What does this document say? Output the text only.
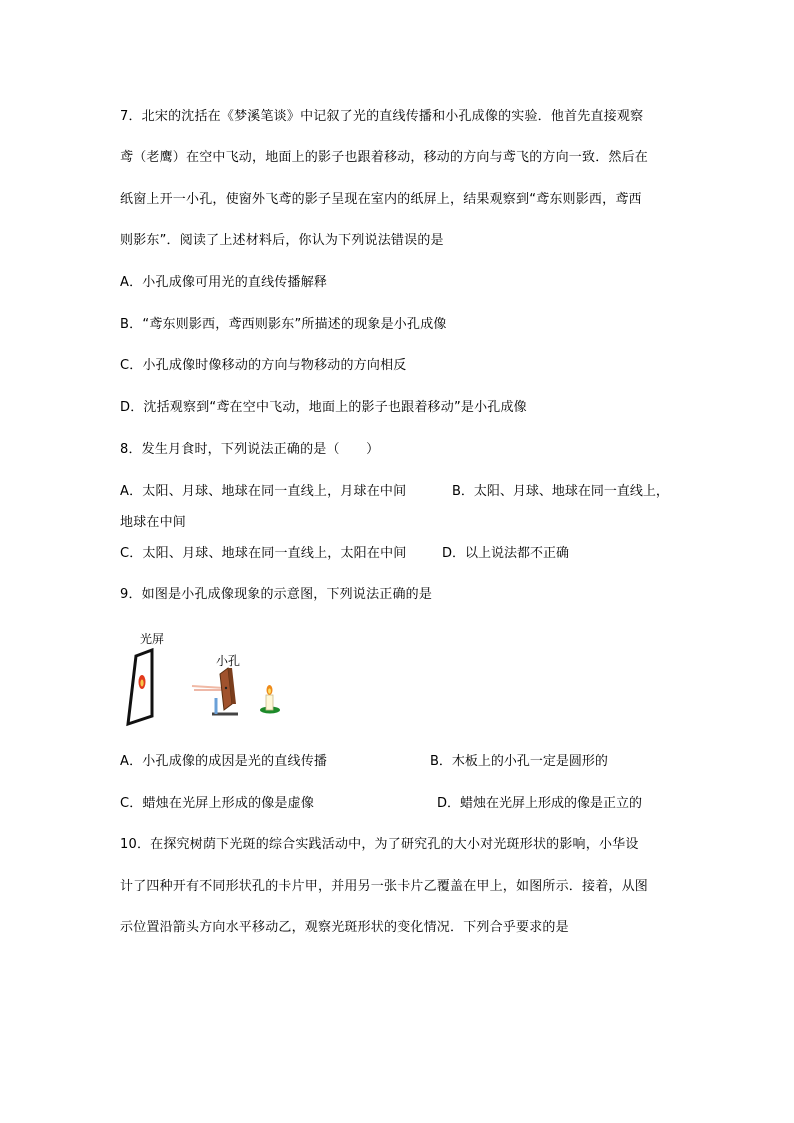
7．北宋的沈括在《梦溪笔谈》中记叙了光的直线传播和小孔成像的实验．他首先直接观察
鸢（老鹰）在空中飞动，地面上的影子也跟着移动，移动的方向与鸢飞的方向一致．然后在
纸窗上开一小孔，使窗外飞鸢的影子呈现在室内的纸屏上，结果观察到“鸢东则影西，鸢西
则影东”．阅读了上述材料后，你认为下列说法错误的是
A．小孔成像可用光的直线传播解释
B．“鸢东则影西，鸢西则影东”所描述的现象是小孔成像
C．小孔成像时像移动的方向与物移动的方向相反
D．沈括观察到“鸢在空中飞动，地面上的影子也跟着移动”是小孔成像
8．发生月食时，下列说法正确的是（　　）
A．太阳、月球、地球在同一直线上，月球在中间	B．太阳、月球、地球在同一直线上，
地球在中间
C．太阳、月球、地球在同一直线上，太阳在中间	D．以上说法都不正确
9．如图是小孔成像现象的示意图，下列说法正确的是
光屏
小孔
A．小孔成像的成因是光的直线传播	B．木板上的小孔一定是圆形的
C．蜡烛在光屏上形成的像是虚像	D．蜡烛在光屏上形成的像是正立的
10．在探究树荫下光斑的综合实践活动中，为了研究孔的大小对光斑形状的影响，小华设
计了四种开有不同形状孔的卡片甲，并用另一张卡片乙覆盖在甲上，如图所示．接着，从图
示位置沿箭头方向水平移动乙，观察光斑形状的变化情况．下列合乎要求的是
